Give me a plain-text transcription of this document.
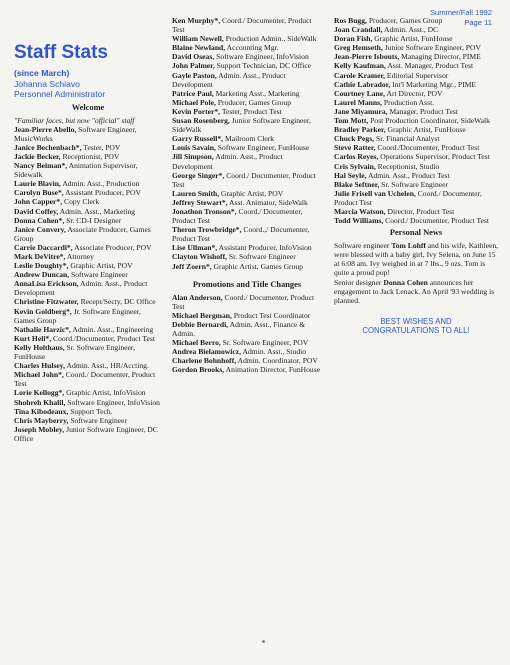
Summer/Fall 1992
Page 11
Staff Stats
(since March)
Johanna Schiavo
Personnel Administrator
Welcome
"Familiar faces, but now "official" staff
Jean-Pierre Abello, Software Engineer, MusicWorks
Janice Bechenbach*, Tester, POV
Jackie Becker, Receptionist, POV
Nancy Beiman*, Animation Supervisor, Sidewalk
Laurie Blavin, Admin. Asst., Production
Carolyn Buse*, Assistant Producer, POV
John Capper*, Copy Clerk
David Coffey, Admin. Asst., Marketing
Donna Cohen*, Sr. CD-I Designer
Janice Convery, Associate Producer, Games Group
Carrie Daccardi*, Associate Producer, POV
Mark DeVitre*, Attorney
Leslie Doughty*, Graphic Artist, POV
Andrew Duncan, Software Engineer
AnnaLisa Erickson, Admin. Asst., Product Development
Christine Fitzwater, Recept/Secty, DC Office
Kevin Goldberg*, Jr. Software Engineer, Games Group
Nathalie Harzic*, Admin. Asst., Engineering
Kurt Heli*, Coord./Documenter, Product Test
Kelly Holthaus, Sr. Software Engineer, FunHouse
Charles Hulsey, Admin. Asst., HR/Accting.
Michael John*, Coord./ Documenter, Product Test
Lorie Kellogg*, Graphic Artist, InfoVision
Shohreh Khalil, Software Engineer, InfoVision
Tina Kibodeaux, Support Tech.
Chris Mayberry, Software Engineer
Joseph Mobley, Junior Software Engineer, DC Office
Ken Murphy*, Coord./ Documenter, Product Test
William Newell, Production Admin., SideWalk
Blaine Newland, Accounting Mgr.
David Oseas, Software Engineer, InfoVision
John Palmer, Support Technician, DC Office
Gayle Paston, Admin. Asst., Product Development
Patrice Paul, Marketing Asst., Marketing
Michael Pole, Producer, Games Group
Kevin Porter*, Tester, Product Test
Susan Rosenberg, Junior Software Engineer, SideWalk
Garry Russell*, Mailroom Clerk
Louis Savain, Software Engineer, FunHouse
Jill Simpson, Admin. Asst., Product Development
George Singer*, Coord./ Documenter, Product Test
Lauren Smith, Graphic Artist, POV
Jeffrey Stewart*, Asst. Animator, SideWalk
Jonathon Tronson*, Coord./ Documenter, Product Test
Theron Trowbridge*, Coord.,/ Documenter, Product Test
Lise Ullman*, Assistant Producer, InfoVision
Clayton Wishoff, Sr. Software Engineer
Jeff Zoern*, Graphic Artist, Games Group
Promotions and Title Changes
Alan Anderson, Coord./ Documenter, Product Test
Michael Bergman, Product Test Coordinator
Debbie Bernardi, Admin. Asst., Finance & Admin.
Michael Berro, Sr. Software Engineer, POV
Andrea Bielamowicz, Admin. Asst., Studio
Charlene Bohnhoff, Admin. Coordinator, POV
Gordon Brooks, Animation Director, FunHouse
Ros Bugg, Producer, Games Group
Joan Crandall, Admin. Asst., DC
Doran Fish, Graphic Artist, FunHouse
Greg Hemseth, Junior Software Engineer, POV
Jean-Pierre Isbouts, Managing Director, PIME
Kelly Kaufman, Asst. Manager, Product Test
Carole Kramer, Editorial Supervisor
Cathie Labrador, Int'l Marketing Mgr., PIME
Courtney Lane, Art Director, POV
Laurel Manns, Production Asst.
Jane Miyamura, Manager, Product Test
Tom Mott, Post Production Coordinator, SideWalk
Bradley Parker, Graphic Artist, FunHouse
Chuck Pegs, Sr. Financial Analyst
Steve Ratter, Coord./Documenter, Product Test
Carlos Reyes, Operations Supervisor, Product Test
Cris Sylvain, Receptionist, Studio
Hal Seyle, Admin. Asst., Product Test
Blake Seftner, Sr. Software Engineer
Julie Frisell van Uchelen, Coord./ Documenter, Product Test
Marcia Watson, Director, Product Test
Todd Williams, Coord./ Documenter, Product Test
Personal News
Software engineer Tom Lohff and his wife, Kathleen, were blessed with a baby girl, Ivy Selena, on June 15 at 6:08 am. Ivy weighed in at 7 lbs., 9 ozs. Tom is quite a proud pop!
Senior designer Donna Cohen announces her engagement to Jack Lenack. An April '93 wedding is planned.
BEST WISHES AND
CONGRATULATIONS TO ALL!
